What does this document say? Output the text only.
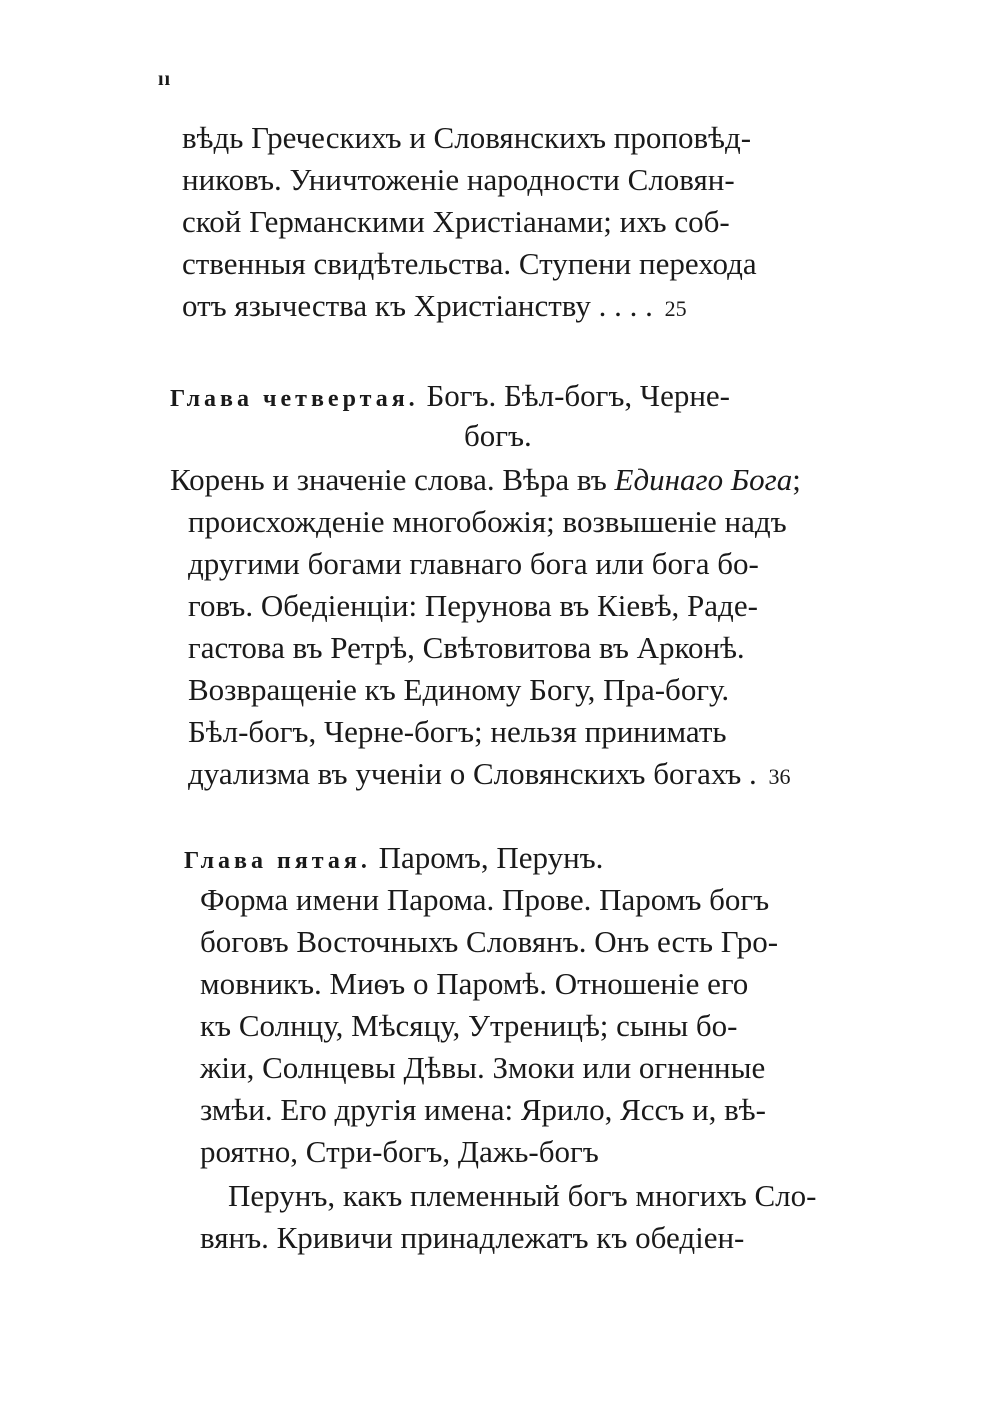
ıı
вѣдь Греческихъ и Словянскихъ проповѣд-
никовъ. Уничтоженіе народности Словян-
ской Германскими Христіанами; ихъ соб-
ственныя свидѣтельства. Ступени перехода
отъ язычества къ Христіанству . . . . 25
Глава четвертая. Богъ. Бѣл-богъ, Черне-
богъ.
Корень и значеніе слова. Вѣра въ Единаго Бога;
происхожденіе многобожія; возвышеніе надъ
другими богами главнаго бога или бога бо-
говъ. Обедіенціи: Перунова въ Кіевѣ, Раде-
гастова въ Ретрѣ, Свѣтовитова въ Арконѣ.
Возвращеніе къ Единому Богу, Пра-богу.
Бѣл-богъ, Черне-богъ; нельзя принимать
дуализма въ ученіи о Словянскихъ богахъ . 36
Глава пятая. Паромъ, Перунъ.
Форма имени Парома. Прове. Паромъ богъ
боговъ Восточныхъ Словянъ. Онъ есть Гро-
мовникъ. Миѳъ о Паромѣ. Отношеніе его
къ Солнцу, Мѣсяцу, Утреницѣ; сыны бо-
жіи, Солнцевы Дѣвы. Змоки или огненные
змѣи. Его другія имена: Ярило, Яссъ и, вѣ-
роятно, Стри-богъ, Дажь-богъ
Перунъ, какъ племенный богъ многихъ Сло-
вянъ. Кривичи принадлежатъ къ обедіен-
